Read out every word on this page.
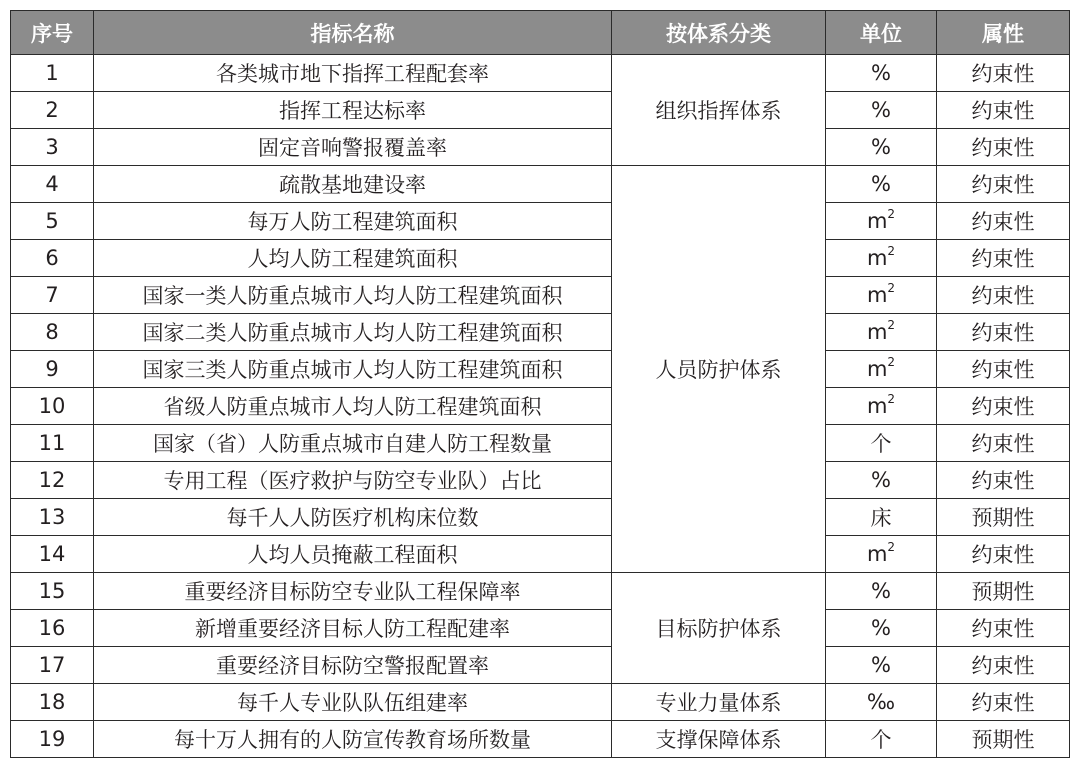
序号	指标名称	按体系分类	单位	属性
1	各类城市地下指挥工程配套率	组织指挥体系	%	约束性
2	指挥工程达标率		%	约束性
3	固定音响警报覆盖率		%	约束性
4	疏散基地建设率	人员防护体系	%	约束性
5	每万人防工程建筑面积		$m^2$	约束性
6	人均人防工程建筑面积		$m^2$	约束性
7	国家一类人防重点城市人均人防工程建筑面积		$m^2$	约束性
8	国家二类人防重点城市人均人防工程建筑面积		$m^2$	约束性
9	国家三类人防重点城市人均人防工程建筑面积		$m^2$	约束性
10	省级人防重点城市人均人防工程建筑面积		$m^2$	约束性
11	国家（省）人防重点城市自建人防工程数量		个	约束性
12	专用工程（医疗救护与防空专业队）占比		%	约束性
13	每千人人防医疗机构床位数		床	预期性
14	人均人员掩蔽工程面积		$m^2$	约束性
15	重要经济目标防空专业队工程保障率	目标防护体系	%	预期性
16	新增重要经济目标人防工程配建率		%	约束性
17	重要经济目标防空警报配置率		%	约束性
18	每千人专业队队伍组建率	专业力量体系	‰	约束性
19	每十万人拥有的人防宣传教育场所数量	支撑保障体系	个	预期性
